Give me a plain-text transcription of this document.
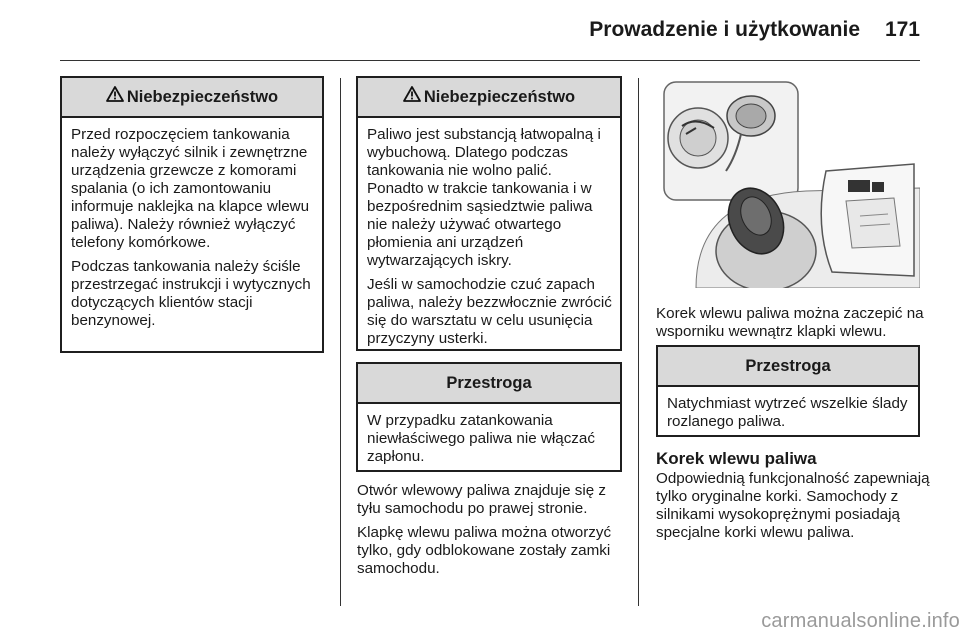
Prowadzenie i użytkowanie	171
Niebezpieczeństwo

Przed rozpoczęciem tankowania należy wyłączyć silnik i zewnętrzne urządzenia grzewcze z komorami spalania (o ich zamontowaniu informuje naklejka na klapce wlewu paliwa). Należy również wyłączyć telefony komórkowe.

Podczas tankowania należy ściśle przestrzegać instrukcji i wytycznych dotyczących klientów stacji benzynowej.

Niebezpieczeństwo

Paliwo jest substancją łatwopalną i wybuchową. Dlatego podczas tankowania nie wolno palić. Ponadto w trakcie tankowania i w bezpośrednim sąsiedztwie paliwa nie należy używać otwartego płomienia ani urządzeń wytwarzających iskry.

Jeśli w samochodzie czuć zapach paliwa, należy bezzwłocznie zwrócić się do warsztatu w celu usunięcia przyczyny usterki.

Przestroga

W przypadku zatankowania niewłaściwego paliwa nie włączać zapłonu.

Otwór wlewowy paliwa znajduje się z tyłu samochodu po prawej stronie.

Klapkę wlewu paliwa można otworzyć tylko, gdy odblokowane zostały zamki samochodu.

Korek wlewu paliwa można zaczepić na wsporniku wewnątrz klapki wlewu.

Przestroga

Natychmiast wytrzeć wszelkie ślady rozlanego paliwa.

Korek wlewu paliwa

Odpowiednią funkcjonalność zapewniają tylko oryginalne korki. Samochody z silnikami wysokoprężnymi posiadają specjalne korki wlewu paliwa.

carmanualsonline.info
